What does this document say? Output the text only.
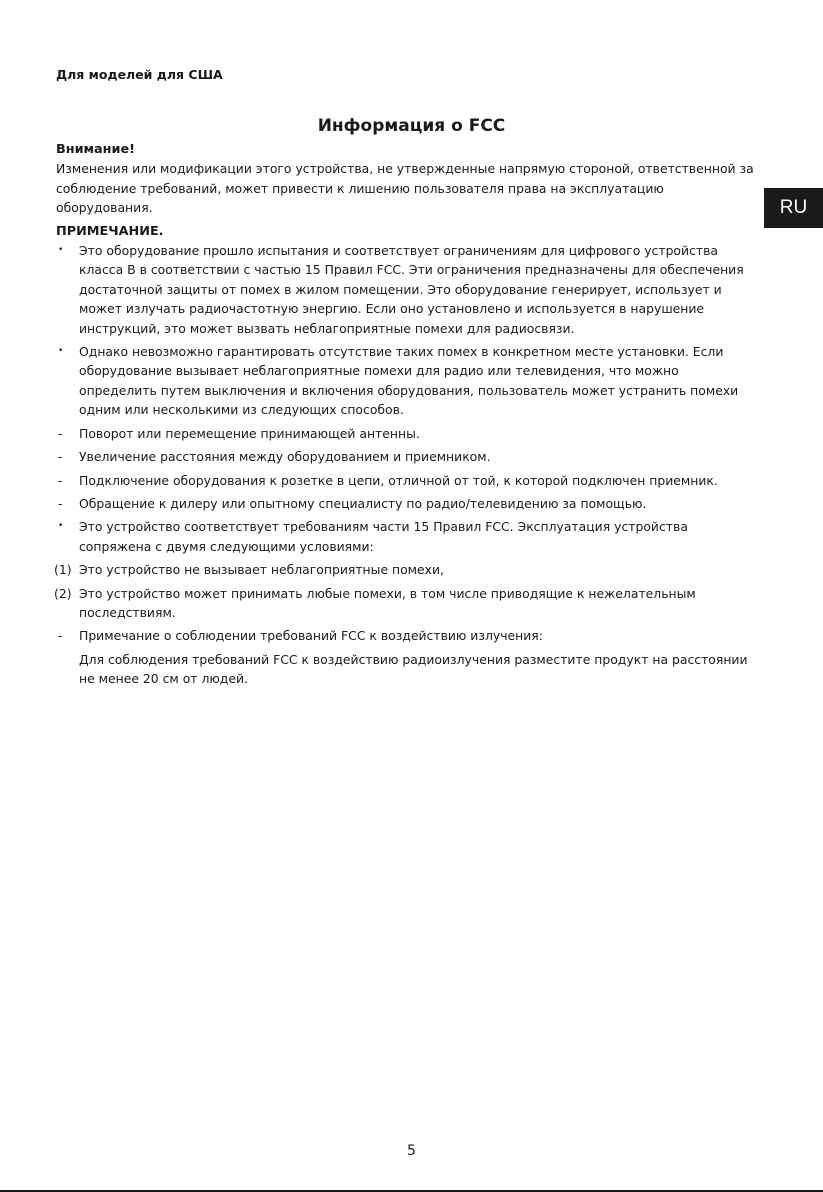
Для моделей для США
Информация о FCC
RU
Внимание!

Изменения или модификации этого устройства, не утвержденные напрямую стороной, ответственной за соблюдение требований, может привести к лишению пользователя права на эксплуатацию оборудования.

ПРИМЕЧАНИЕ.
•	Это оборудование прошло испытания и соответствует ограничениям для цифрового устройства класса B в соответствии с частью 15 Правил FCC. Эти ограничения предназначены для обеспечения достаточной защиты от помех в жилом помещении. Это оборудование генерирует, использует и может излучать радиочастотную энергию. Если оно установлено и используется в нарушение инструкций, это может вызвать неблагоприятные помехи для радиосвязи.
•	Однако невозможно гарантировать отсутствие таких помех в конкретном месте установки. Если оборудование вызывает неблагоприятные помехи для радио или телевидения, что можно определить путем выключения и включения оборудования, пользователь может устранить помехи одним или несколькими из следующих способов.
-	Поворот или перемещение принимающей антенны.
-	Увеличение расстояния между оборудованием и приемником.
-	Подключение оборудования к розетке в цепи, отличной от той, к которой подключен приемник.
-	Обращение к дилеру или опытному специалисту по радио/телевидению за помощью.
•	Это устройство соответствует требованиям части 15 Правил FCC. Эксплуатация устройства сопряжена с двумя следующими условиями:
(1) Это устройство не вызывает неблагоприятные помехи,
(2) Это устройство может принимать любые помехи, в том числе приводящие к нежелательным последствиям.
-	Примечание о соблюдении требований FCC к воздействию излучения:
Для соблюдения требований FCC к воздействию радиоизлучения разместите продукт на расстоянии не менее 20 см от людей.
5
